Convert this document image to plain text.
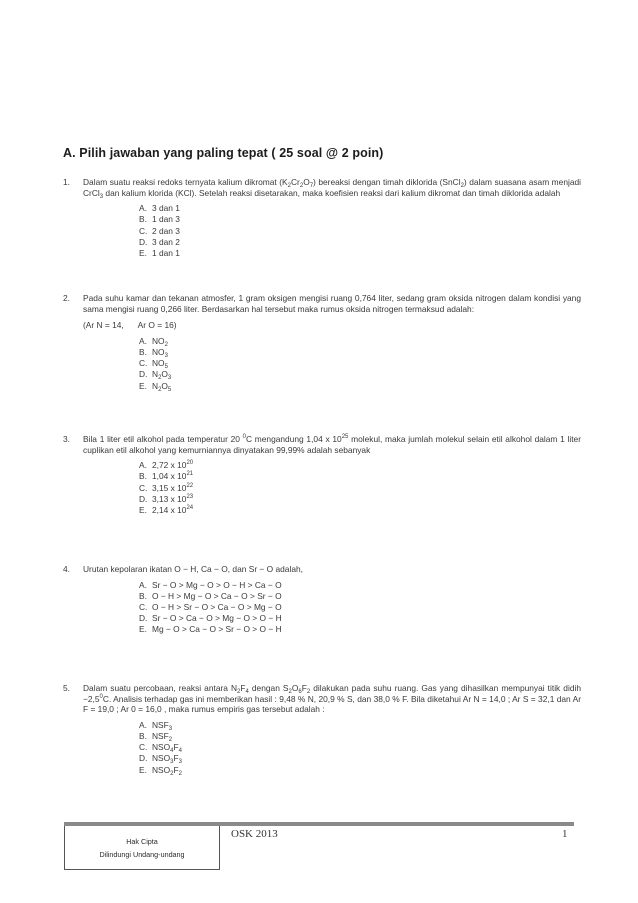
A. Pilih jawaban yang paling tepat ( 25 soal @ 2 poin)
1.	Dalam suatu reaksi redoks ternyata kalium dikromat $(K_2Cr_2O_7)$ bereaksi dengan timah diklorida (SnCl$_2$) dalam suasana asam menjadi CrCl$_3$ dan kalium klorida (KCl). Setelah reaksi disetarakan, maka koefisien reaksi dari kalium dikromat dan timah diklorida adalah
A. 3 dan 1
B. 1 dan 3
C. 2 dan 3
D. 3 dan 2
E. 1 dan 1
2.	Pada suhu kamar dan tekanan atmosfer, 1 gram oksigen mengisi ruang 0,764 liter, sedang gram oksida nitrogen dalam kondisi yang sama mengisi ruang 0,266 liter. Berdasarkan hal tersebut maka rumus oksida nitrogen termaksud adalah:
(Ar N = 14,      Ar O = 16)
A. $NO_2$
B. $NO_3$
C. $NO_5$
D. $N_2O_3$
E. $N_2O_5$
3.	Bila 1 liter etil alkohol pada temperatur 20 $^0$C mengandung 1,04 x $10^{25}$ molekul, maka jumlah molekul selain etil alkohol dalam 1 liter cuplikan etil alkohol yang kemurniannya dinyatakan 99,99% adalah sebanyak
A. 2,72 x $10^{20}$
B. 1,04 x $10^{21}$
C. 3,15 x $10^{22}$
D. 3,13 x $10^{23}$
E. 2,14 x $10^{24}$
4.	Urutan kepolaran ikatan O − H, Ca − O, dan Sr − O adalah,
A. Sr − O > Mg − O > O − H > Ca − O
B. O − H > Mg − O > Ca − O > Sr − O
C. O − H > Sr − O > Ca − O > Mg − O
D. Sr − O > Ca − O > Mg − O > O − H
E. Mg − O > Ca − O > Sr − O > O − H
5.	Dalam suatu percobaan, reaksi antara $N_2F_4$ dengan $S_2O_6F_2$ dilakukan pada suhu ruang. Gas yang dihasilkan mempunyai titik didih $-2,5^0C$. Analisis terhadap gas ini memberikan hasil : 9,48 % N, 20,9 % S, dan 38,0 % F. Bila diketahui Ar N = 14,0 ; Ar S = 32,1 dan Ar F = 19,0 ; Ar 0 = 16,0 , maka rumus empiris gas tersebut adalah :
A. $NSF_3$
B. $NSF_2$
C. $NSO_4F_4$
D. $NSO_3F_3$
E. $NSO_2F_2$
Hak Cipta
Dilindungi Undang-undang
OSK 2013	1
